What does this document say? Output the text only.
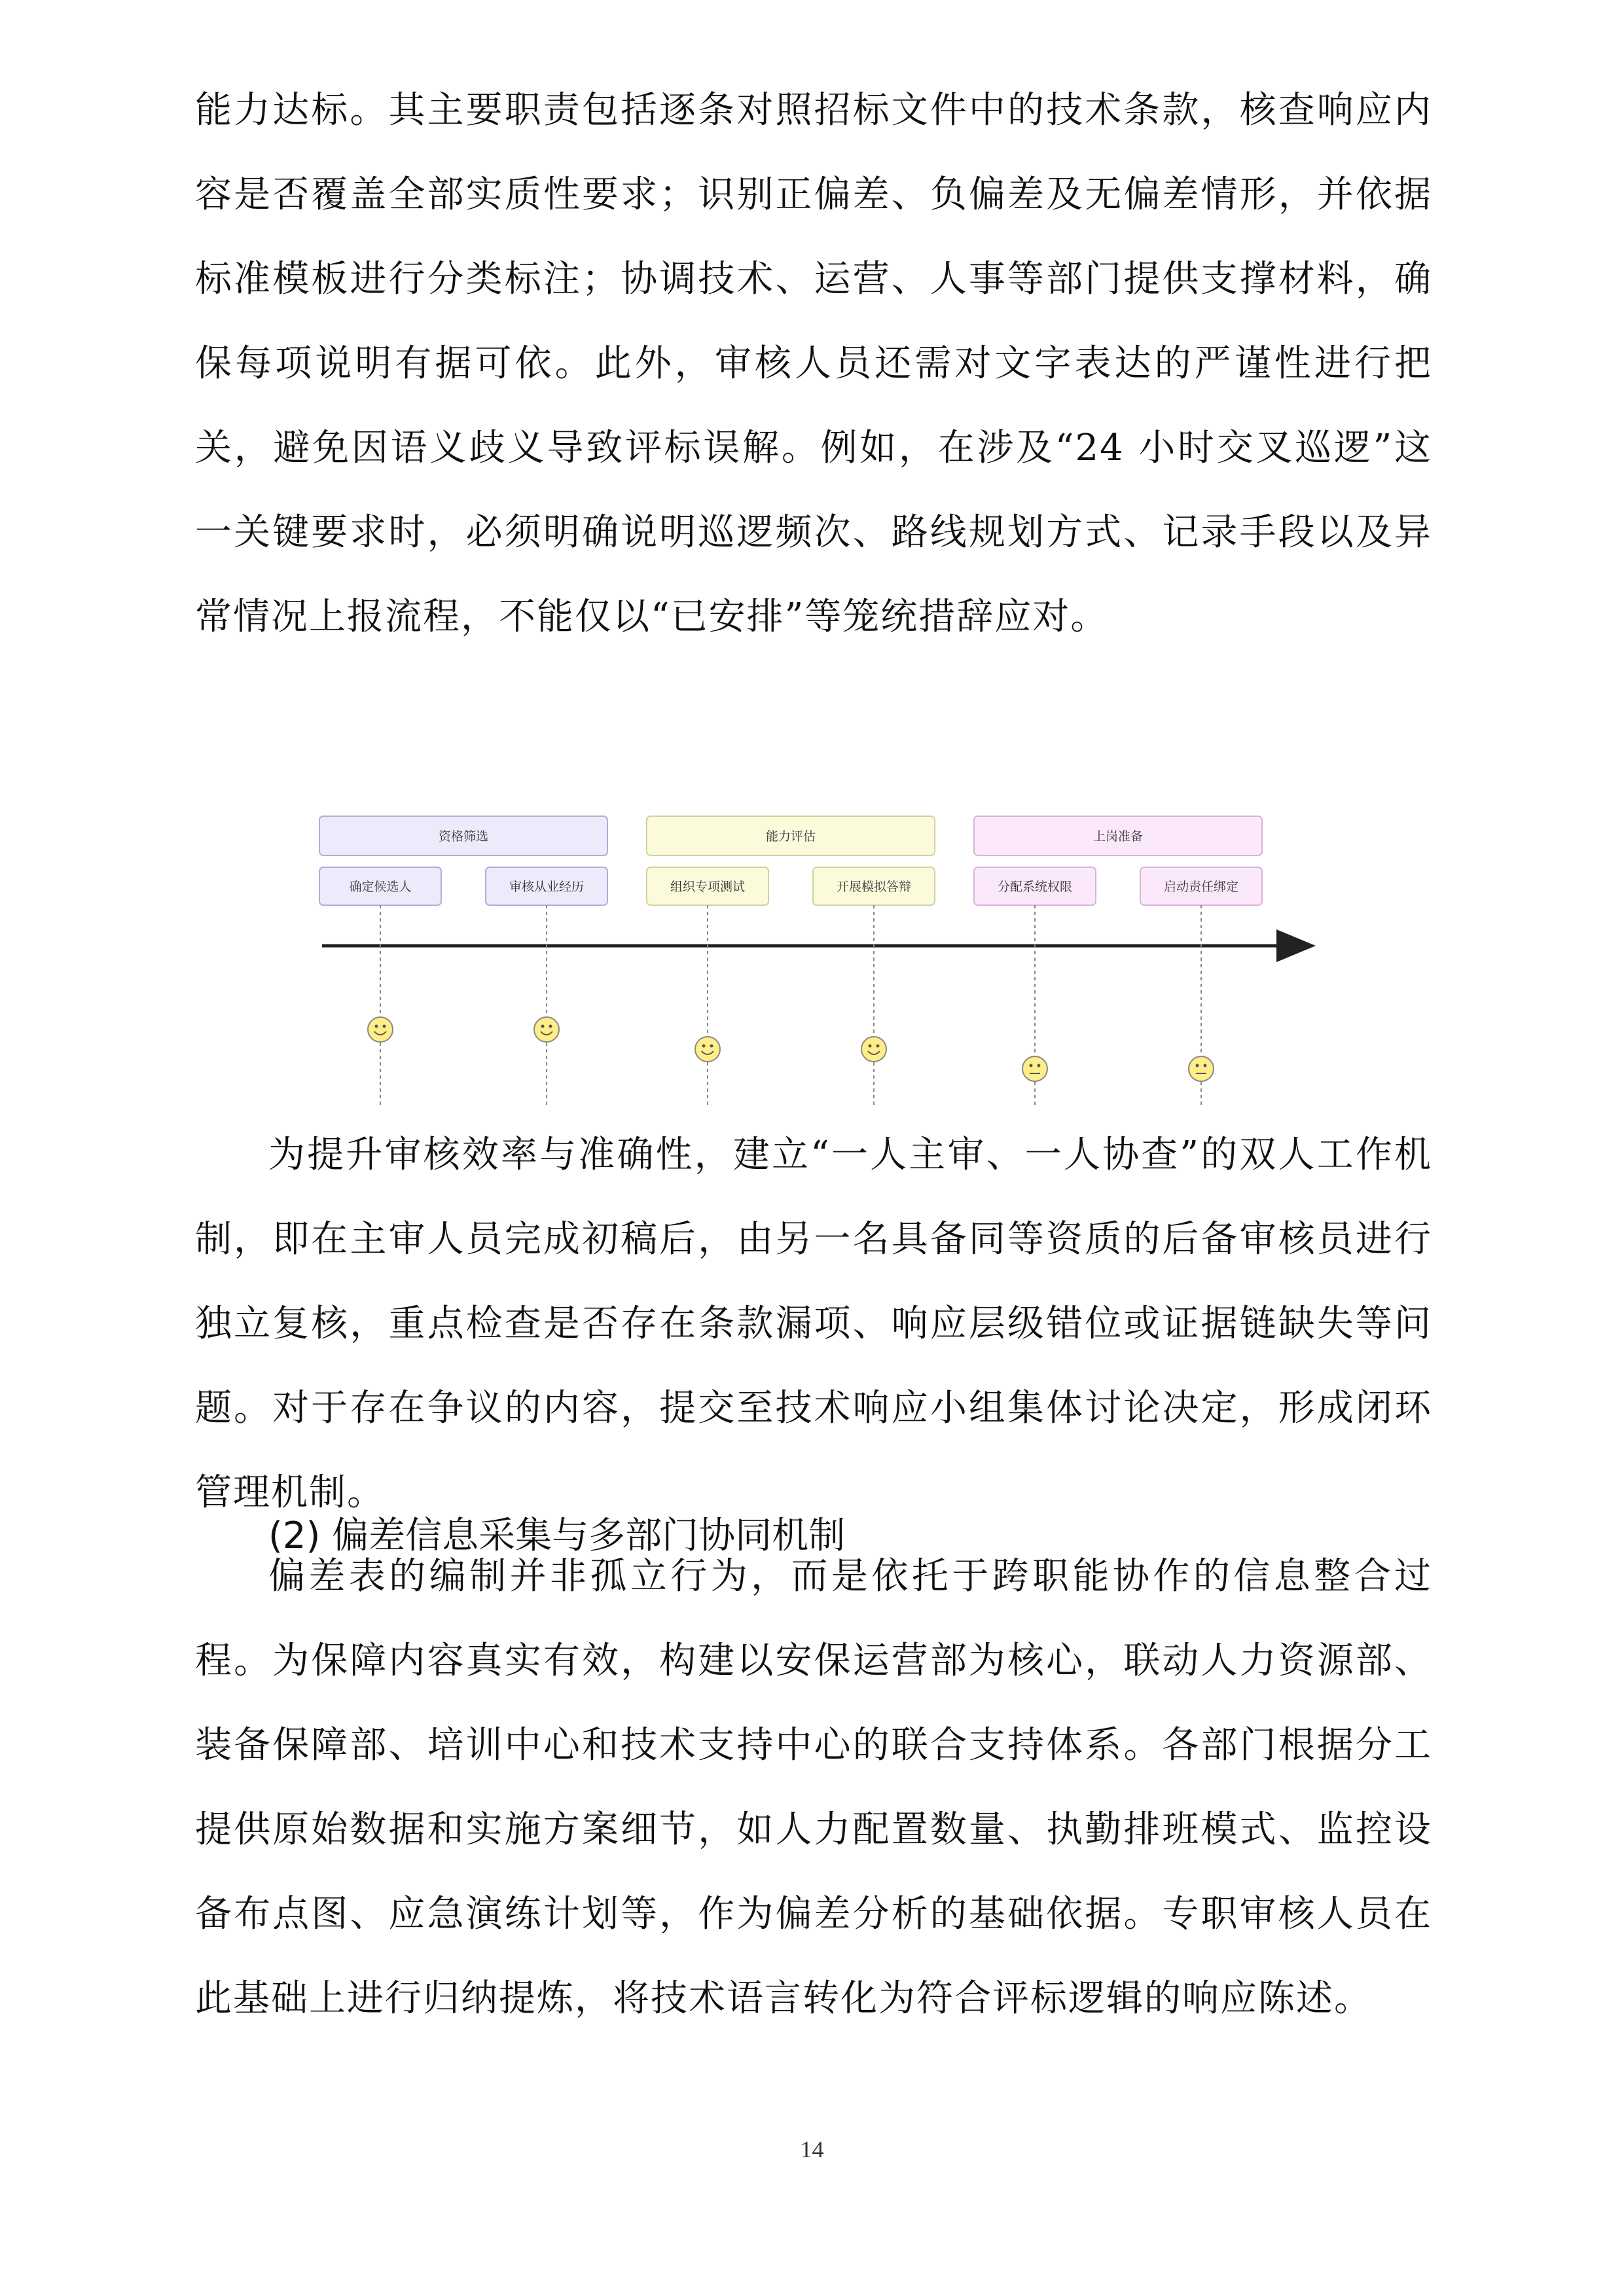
能力达标。其主要职责包括逐条对照招标文件中的技术条款，核查响应内容是否覆盖全部实质性要求；识别正偏差、负偏差及无偏差情形，并依据标准模板进行分类标注；协调技术、运营、人事等部门提供支撑材料，确保每项说明有据可依。此外，审核人员还需对文字表达的严谨性进行把关，避免因语义歧义导致评标误解。例如，在涉及“24 小时交叉巡逻”这一关键要求时，必须明确说明巡逻频次、路线规划方式、记录手段以及异常情况上报流程，不能仅以“已安排”等笼统措辞应对。

资格筛选	能力评估	上岗准备
确定候选人	审核从业经历	组织专项测试	开展模拟答辩	分配系统权限	启动责任绑定

为提升审核效率与准确性，建立“一人主审、一人协查”的双人工作机制，即在主审人员完成初稿后，由另一名具备同等资质的后备审核员进行独立复核，重点检查是否存在条款漏项、响应层级错位或证据链缺失等问题。对于存在争议的内容，提交至技术响应小组集体讨论决定，形成闭环管理机制。

(2) 偏差信息采集与多部门协同机制

偏差表的编制并非孤立行为，而是依托于跨职能协作的信息整合过程。为保障内容真实有效，构建以安保运营部为核心，联动人力资源部、装备保障部、培训中心和技术支持中心的联合支持体系。各部门根据分工提供原始数据和实施方案细节，如人力配置数量、执勤排班模式、监控设备布点图、应急演练计划等，作为偏差分析的基础依据。专职审核人员在此基础上进行归纳提炼，将技术语言转化为符合评标逻辑的响应陈述。

14
